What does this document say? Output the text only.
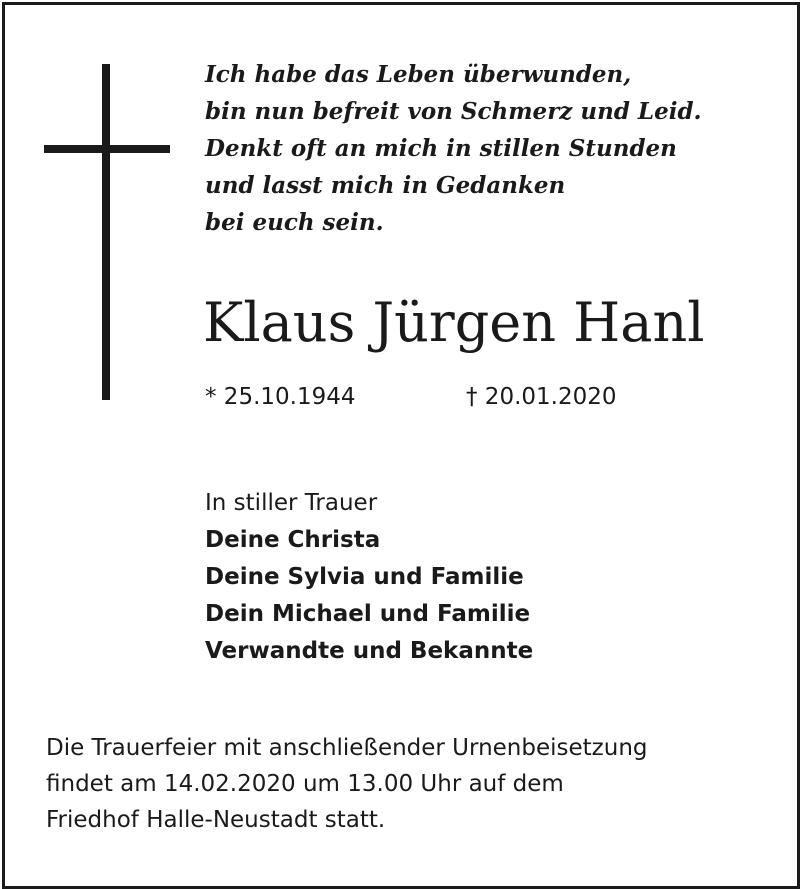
Ich habe das Leben überwunden,
bin nun befreit von Schmerz und Leid.
Denkt oft an mich in stillen Stunden
und lasst mich in Gedanken
bei euch sein.
Klaus Jürgen Hanl
* 25.10.1944	† 20.01.2020
In stiller Trauer
Deine Christa
Deine Sylvia und Familie
Dein Michael und Familie
Verwandte und Bekannte
Die Trauerfeier mit anschließender Urnenbeisetzung
findet am 14.02.2020 um 13.00 Uhr auf dem
Friedhof Halle-Neustadt statt.
